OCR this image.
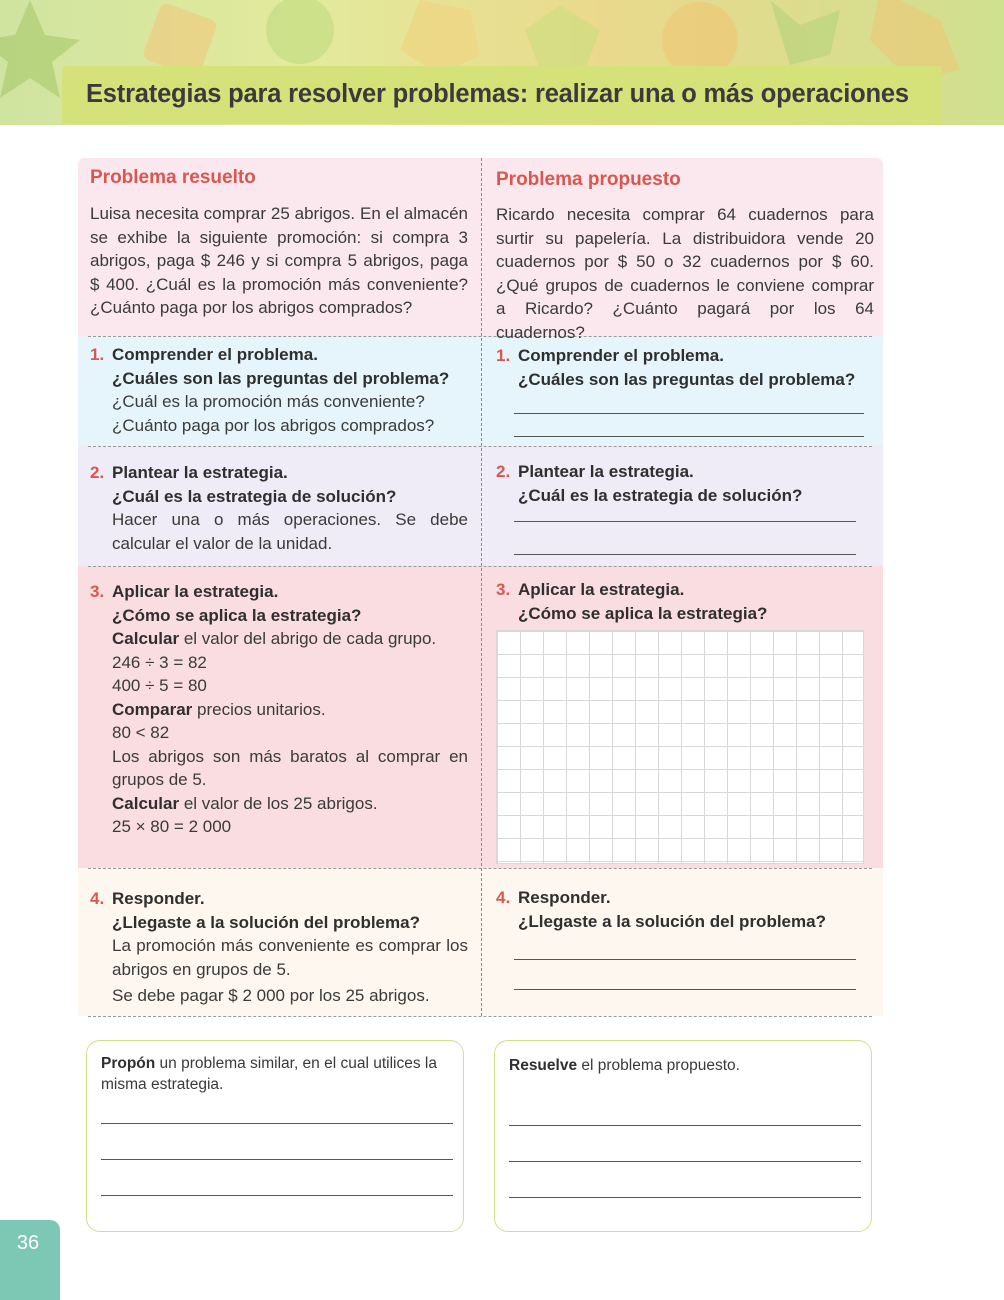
Estrategias para resolver problemas: realizar una o más operaciones
Problema resuelto
Luisa necesita comprar 25 abrigos. En el almacén se exhibe la siguiente promoción: si compra 3 abrigos, paga $ 246 y si compra 5 abrigos, paga $ 400. ¿Cuál es la promoción más conveniente? ¿Cuánto paga por los abrigos comprados?
1. Comprender el problema.
¿Cuáles son las preguntas del problema?
¿Cuál es la promoción más conveniente?
¿Cuánto paga por los abrigos comprados?
2. Plantear la estrategia.
¿Cuál es la estrategia de solución?
Hacer una o más operaciones. Se debe calcular el valor de la unidad.
3. Aplicar la estrategia.
¿Cómo se aplica la estrategia?
Calcular el valor del abrigo de cada grupo.
246 ÷ 3 = 82
400 ÷ 5 = 80
Comparar precios unitarios.
80 < 82
Los abrigos son más baratos al comprar en grupos de 5.
Calcular el valor de los 25 abrigos.
25 × 80 = 2 000
4. Responder.
¿Llegaste a la solución del problema?
La promoción más conveniente es comprar los abrigos en grupos de 5.
Se debe pagar $ 2 000 por los 25 abrigos.
Problema propuesto
Ricardo necesita comprar 64 cuadernos para surtir su papelería. La distribuidora vende 20 cuadernos por $ 50 o 32 cuadernos por $ 60. ¿Qué grupos de cuadernos le conviene comprar a Ricardo? ¿Cuánto pagará por los 64 cuadernos?
1. Comprender el problema.
¿Cuáles son las preguntas del problema?
2. Plantear la estrategia.
¿Cuál es la estrategia de solución?
3. Aplicar la estrategia.
¿Cómo se aplica la estrategia?
4. Responder.
¿Llegaste a la solución del problema?
Propón un problema similar, en el cual utilices la misma estrategia.
Resuelve el problema propuesto.
36
